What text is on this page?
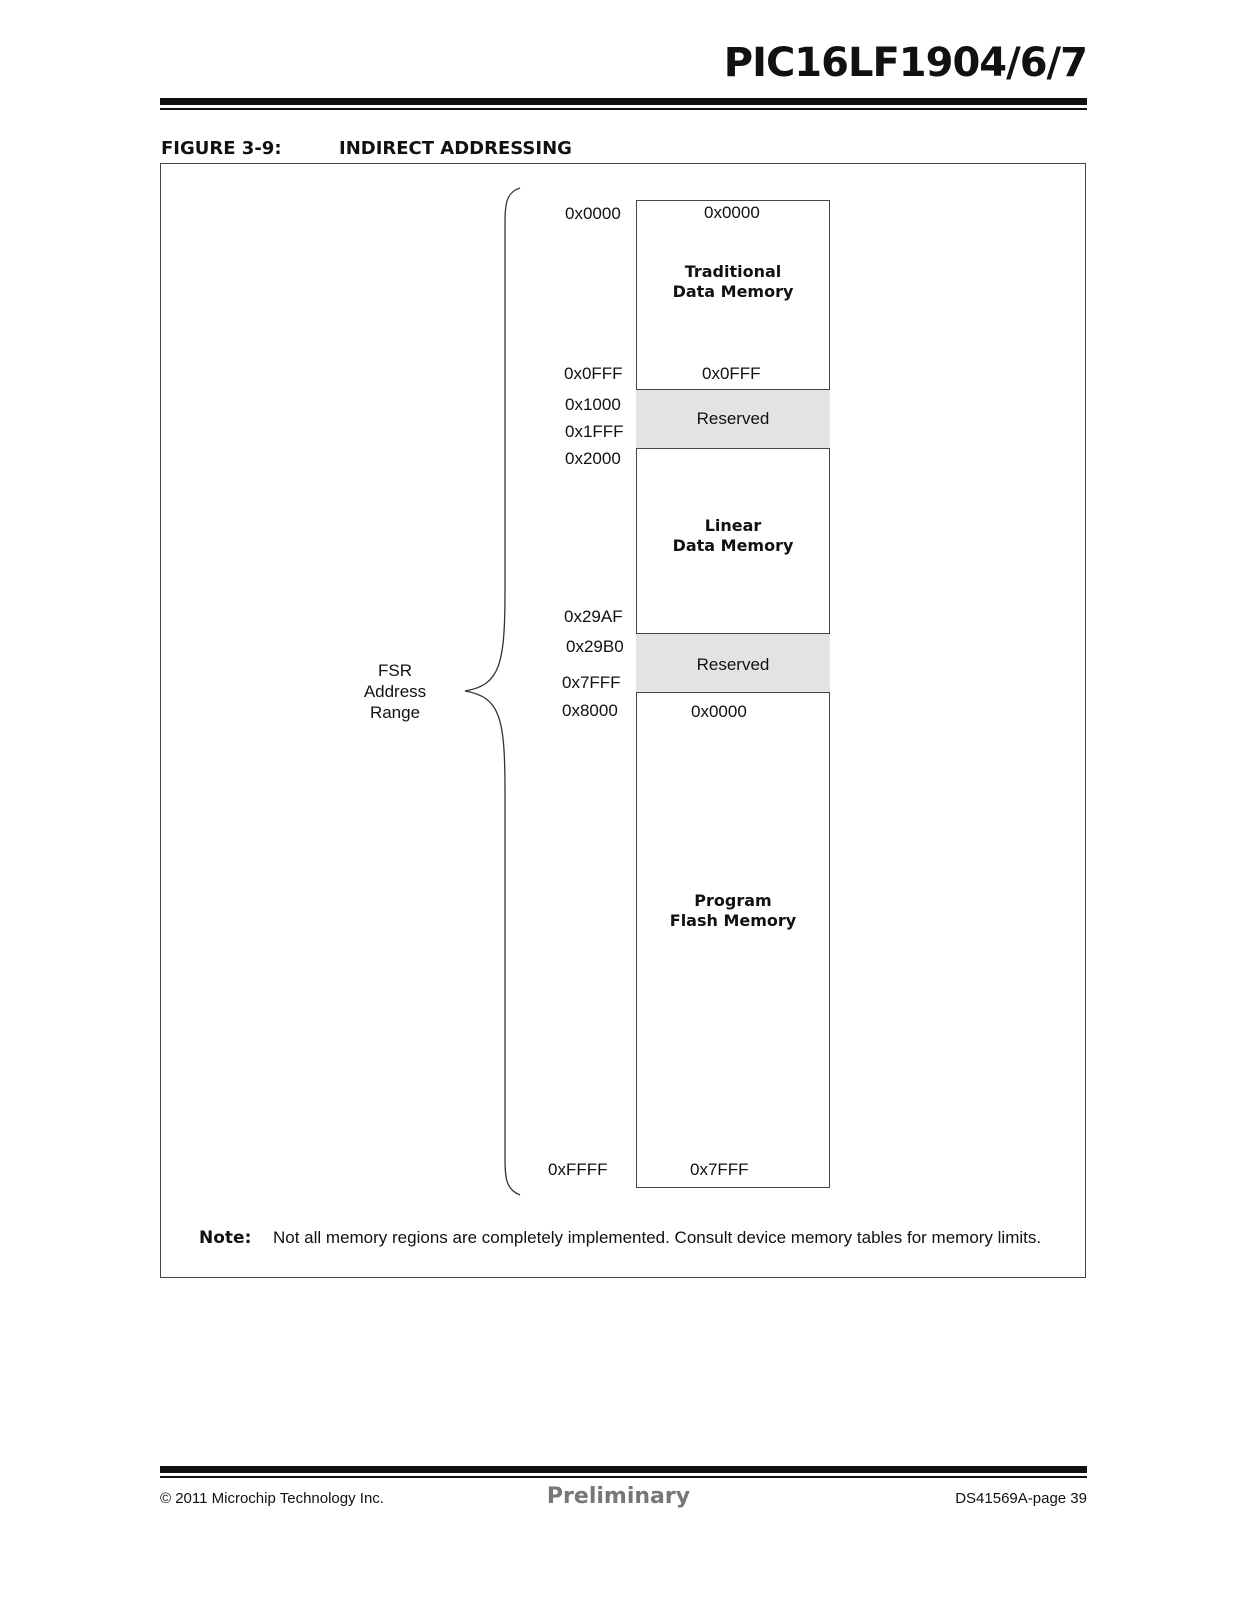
PIC16LF1904/6/7
FIGURE 3-9:	INDIRECT ADDRESSING
FSR
Address
Range
0x0000
0x0FFF
0x1000
0x1FFF
0x2000
0x29AF
0x29B0
0x7FFF
0x8000
0xFFFF
0x0000
Traditional
Data Memory
0x0FFF
Reserved
Linear
Data Memory
Reserved
0x0000
Program
Flash Memory
0x7FFF
Note: Not all memory regions are completely implemented. Consult device memory tables for memory limits.
© 2011 Microchip Technology Inc.	Preliminary	DS41569A-page 39
